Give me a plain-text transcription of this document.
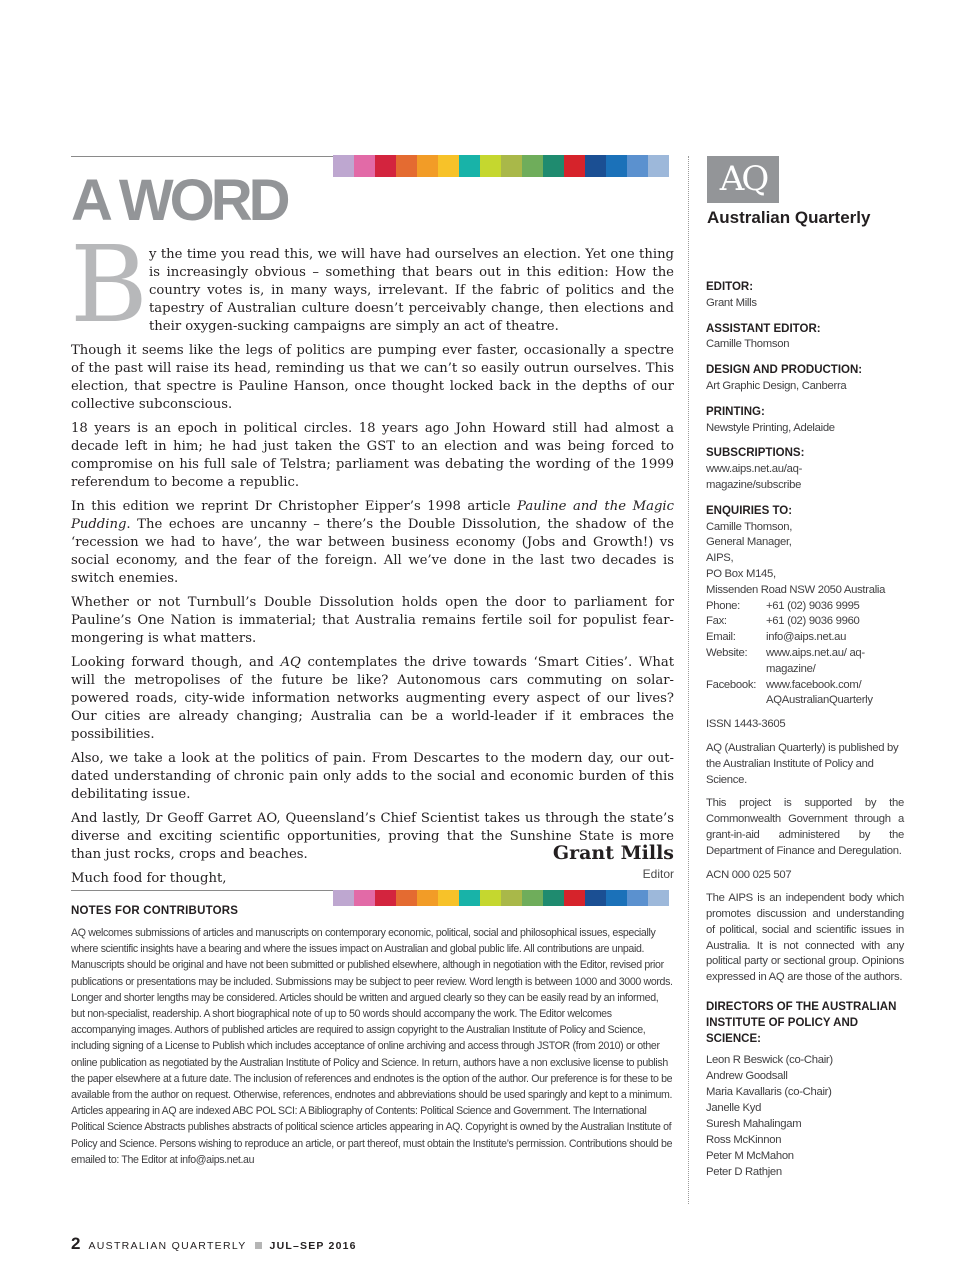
A WORD
B y the time you read this, we will have had ourselves an election. Yet one thing is increasingly obvious – something that bears out in this edition: How the country votes is, in many ways, irrelevant. If the fabric of politics and the tapestry of Australian culture doesn’t perceivably change, then elections and their oxygen-sucking campaigns are simply an act of theatre.

Though it seems like the legs of politics are pumping ever faster, occasionally a spectre of the past will raise its head, reminding us that we can’t so easily outrun ourselves. This election, that spectre is Pauline Hanson, once thought locked back in the depths of our collective subconscious.

18 years is an epoch in political circles. 18 years ago John Howard still had almost a decade left in him; he had just taken the GST to an election and was being forced to compromise on his full sale of Telstra; parliament was debating the wording of the 1999 referendum to become a republic.

In this edition we reprint Dr Christopher Eipper’s 1998 article Pauline and the Magic Pudding. The echoes are uncanny – there’s the Double Dissolution, the shadow of the ‘recession we had to have’, the war between business economy (Jobs and Growth!) vs social economy, and the fear of the foreign. All we’ve done in the last two decades is switch enemies.

Whether or not Turnbull’s Double Dissolution holds open the door to parliament for Pauline’s One Nation is immaterial; that Australia remains fertile soil for populist fear-mongering is what matters.

Looking forward though, and AQ contemplates the drive towards ‘Smart Cities’. What will the metropolises of the future be like? Autonomous cars commuting on solar-powered roads, city-wide information networks augmenting every aspect of our lives? Our cities are already changing; Australia can be a world-leader if it embraces the possibilities.

Also, we take a look at the politics of pain. From Descartes to the modern day, our out-dated understanding of chronic pain only adds to the social and economic burden of this debilitating issue.

And lastly, Dr Geoff Garret AO, Queensland’s Chief Scientist takes us through the state’s diverse and exciting scientific opportunities, proving that the Sunshine State is more than just rocks, crops and beaches.

Much food for thought,

Grant Mills
Editor
NOTES FOR CONTRIBUTORS
AQ welcomes submissions of articles and manuscripts on contemporary economic, political, social and philosophical issues, especially where scientific insights have a bearing and where the issues impact on Australian and global public life. All contributions are unpaid. Manuscripts should be original and have not been submitted or published elsewhere, although in negotiation with the Editor, revised prior publications or presentations may be included. Submissions may be subject to peer review. Word length is between 1000 and 3000 words. Longer and shorter lengths may be considered. Articles should be written and argued clearly so they can be easily read by an informed, but non-specialist, readership. A short biographical note of up to 50 words should accompany the work. The Editor welcomes accompanying images. Authors of published articles are required to assign copyright to the Australian Institute of Policy and Science, including signing of a License to Publish which includes acceptance of online archiving and access through JSTOR (from 2010) or other online publication as negotiated by the Australian Institute of Policy and Science. In return, authors have a non exclusive license to publish the paper elsewhere at a future date. The inclusion of references and endnotes is the option of the author. Our preference is for these to be available from the author on request. Otherwise, references, endnotes and abbreviations should be used sparingly and kept to a minimum. Articles appearing in AQ are indexed ABC POL SCI: A Bibliography of Contents: Political Science and Government. The International Political Science Abstracts publishes abstracts of political science articles appearing in AQ. Copyright is owned by the Australian Institute of Policy and Science. Persons wishing to reproduce an article, or part thereof, must obtain the Institute’s permission. Contributions should be emailed to: The Editor at info@aips.net.au
AQ
Australian Quarterly
EDITOR:
Grant Mills
ASSISTANT EDITOR:
Camille Thomson
DESIGN AND PRODUCTION:
Art Graphic Design, Canberra
PRINTING:
Newstyle Printing, Adelaide
SUBSCRIPTIONS:
www.aips.net.au/aq-magazine/subscribe
ENQUIRIES TO:
Camille Thomson,
General Manager,
AIPS,
PO Box M145,
Missenden Road NSW 2050 Australia
Phone:	+61 (02) 9036 9995
Fax:	+61 (02) 9036 9960
Email:	info@aips.net.au
Website:	www.aips.net.au/ aq-magazine/
Facebook: www.facebook.com/ AQAustralianQuarterly
ISSN 1443-3605
AQ (Australian Quarterly) is published by the Australian Institute of Policy and Science.
This project is supported by the Commonwealth Government through a grant-in-aid administered by the Department of Finance and Deregulation.
ACN 000 025 507
The AIPS is an independent body which promotes discussion and understanding of political, social and scientific issues in Australia. It is not connected with any political party or sectional group. Opinions expressed in AQ are those of the authors.
DIRECTORS OF THE AUSTRALIAN INSTITUTE OF POLICY AND SCIENCE:
Leon R Beswick (co-Chair)
Andrew Goodsall
Maria Kavallaris (co-Chair)
Janelle Kyd
Suresh Mahalingam
Ross McKinnon
Peter M McMahon
Peter D Rathjen
2 AUSTRALIAN QUARTERLY JUL–SEP 2016
